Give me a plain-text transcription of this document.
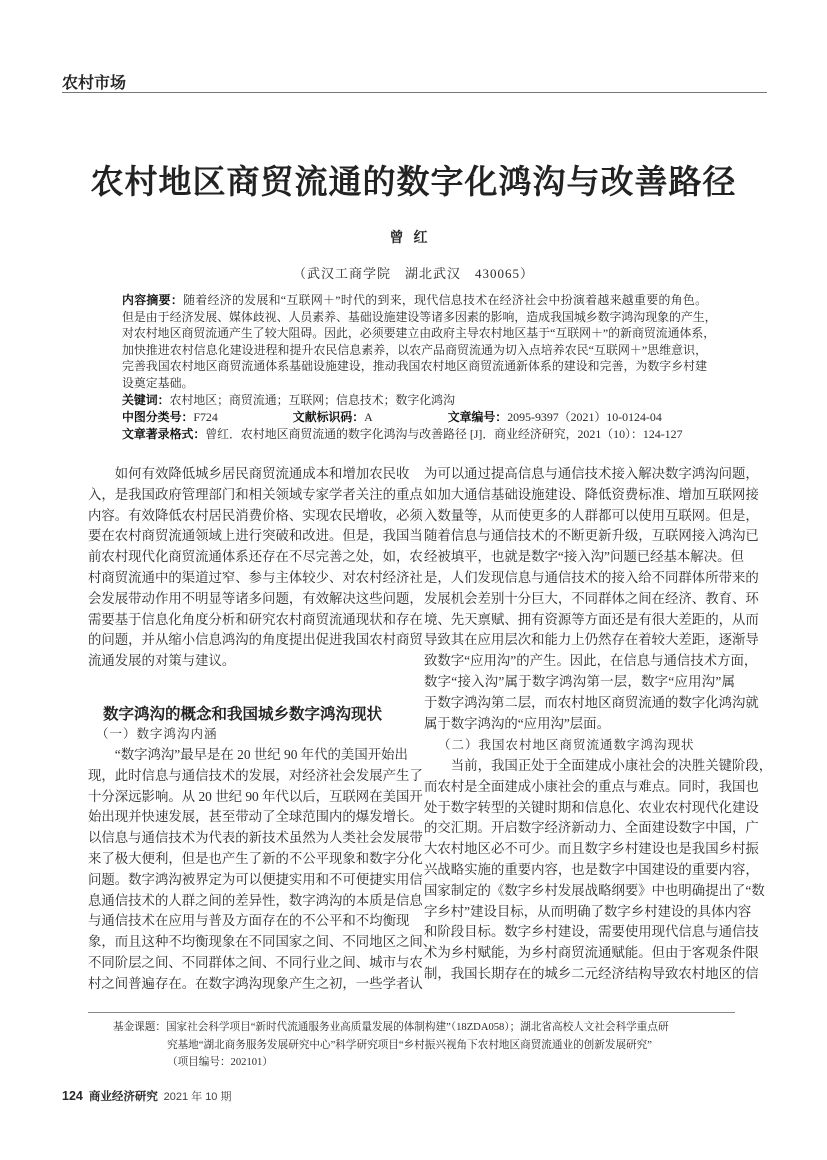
农村市场
农村地区商贸流通的数字化鸿沟与改善路径
曾红
（武汉工商学院　湖北武汉　430065）
内容摘要：随着经济的发展和“互联网＋”时代的到来，现代信息技术在经济社会中扮演着越来越重要的角色。
但是由于经济发展、媒体歧视、人员素养、基础设施建设等诸多因素的影响，造成我国城乡数字鸿沟现象的产生，
对农村地区商贸流通产生了较大阻碍。因此，必须要建立由政府主导农村地区基于“互联网＋”的新商贸流通体系，
加快推进农村信息化建设进程和提升农民信息素养，以农产品商贸流通为切入点培养农民“互联网＋”思维意识，
完善我国农村地区商贸流通体系基础设施建设，推动我国农村地区商贸流通新体系的建设和完善，为数字乡村建
设奠定基础。
关键词：农村地区；商贸流通；互联网；信息技术；数字化鸿沟
中图分类号：F724	文献标识码：A	文章编号：2095-9397（2021）10-0124-04
文章著录格式：曾红．农村地区商贸流通的数字化鸿沟与改善路径 [J]．商业经济研究，2021（10）：124-127
如何有效降低城乡居民商贸流通成本和增加农民收
入，是我国政府管理部门和相关领域专家学者关注的重点
内容。有效降低农村居民消费价格、实现农民增收，必须
要在农村商贸流通领域上进行突破和改进。但是，我国当
前农村现代化商贸流通体系还存在不尽完善之处，如，农
村商贸流通中的渠道过窄、参与主体较少、对农村经济社
会发展带动作用不明显等诸多问题，有效解决这些问题，
需要基于信息化角度分析和研究农村商贸流通现状和存在
的问题，并从缩小信息鸿沟的角度提出促进我国农村商贸
流通发展的对策与建议。
数字鸿沟的概念和我国城乡数字鸿沟现状
（一）数字鸿沟内涵
“数字鸿沟”最早是在 20 世纪 90 年代的美国开始出
现，此时信息与通信技术的发展，对经济社会发展产生了
十分深远影响。从 20 世纪 90 年代以后，互联网在美国开
始出现并快速发展，甚至带动了全球范围内的爆发增长。
以信息与通信技术为代表的新技术虽然为人类社会发展带
来了极大便利，但是也产生了新的不公平现象和数字分化
问题。数字鸿沟被界定为可以便捷实用和不可便捷实用信
息通信技术的人群之间的差异性，数字鸿沟的本质是信息
与通信技术在应用与普及方面存在的不公平和不均衡现
象，而且这种不均衡现象在不同国家之间、不同地区之间、
不同阶层之间、不同群体之间、不同行业之间、城市与农
村之间普遍存在。在数字鸿沟现象产生之初，一些学者认
为可以通过提高信息与通信技术接入解决数字鸿沟问题，
如加大通信基础设施建设、降低资费标准、增加互联网接
入数量等，从而使更多的人群都可以使用互联网。但是，
随着信息与通信技术的不断更新升级，互联网接入鸿沟已
经被填平，也就是数字“接入沟”问题已经基本解决。但
是，人们发现信息与通信技术的接入给不同群体所带来的
发展机会差别十分巨大，不同群体之间在经济、教育、环
境、先天禀赋、拥有资源等方面还是有很大差距的，从而
导致其在应用层次和能力上仍然存在着较大差距，逐渐导
致数字“应用沟”的产生。因此，在信息与通信技术方面，
数字“接入沟”属于数字鸿沟第一层，数字“应用沟”属
于数字鸿沟第二层，而农村地区商贸流通的数字化鸿沟就
属于数字鸿沟的“应用沟”层面。
（二）我国农村地区商贸流通数字鸿沟现状
当前，我国正处于全面建成小康社会的决胜关键阶段，
而农村是全面建成小康社会的重点与难点。同时，我国也
处于数字转型的关键时期和信息化、农业农村现代化建设
的交汇期。开启数字经济新动力、全面建设数字中国，广
大农村地区必不可少。而且数字乡村建设也是我国乡村振
兴战略实施的重要内容，也是数字中国建设的重要内容，
国家制定的《数字乡村发展战略纲要》中也明确提出了“数
字乡村”建设目标，从而明确了数字乡村建设的具体内容
和阶段目标。数字乡村建设，需要使用现代信息与通信技
术为乡村赋能，为乡村商贸流通赋能。但由于客观条件限
制，我国长期存在的城乡二元经济结构导致农村地区的信
基金课题：国家社会科学项目“新时代流通服务业高质量发展的体制构建”（18ZDA058）；湖北省高校人文社会科学重点研
究基地“湖北商务服务发展研究中心”科学研究项目“乡村振兴视角下农村地区商贸流通业的创新发展研究”
（项目编号：202101）
124 商业经济研究 2021 年 10 期
